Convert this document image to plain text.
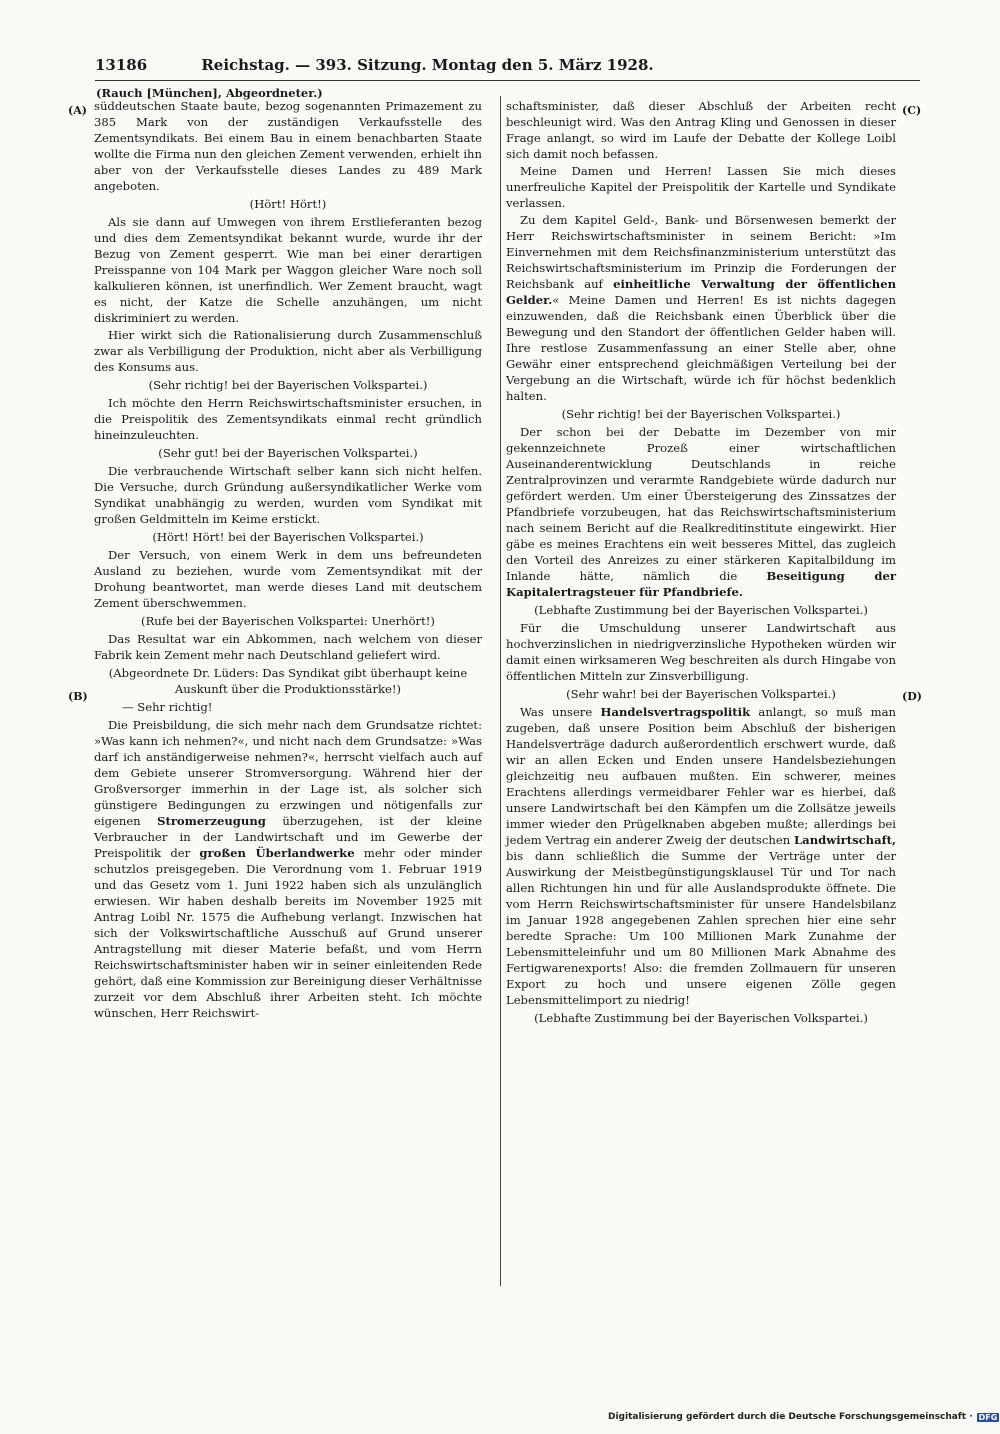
13186	Reichstag. — 393. Sitzung. Montag den 5. März 1928.
(Rauch [München], Abgeordneter.)
(A)
(B)
(C)
(D)

süddeutschen Staate baute, bezog sogenannten Primazement zu 385 Mark von der zuständigen Verkaufsstelle des Zementsyndikats. Bei einem Bau in einem benachbarten Staate wollte die Firma nun den gleichen Zement verwenden, erhielt ihn aber von der Verkaufsstelle dieses Landes zu 489 Mark angeboten.

(Hört! Hört!)

Als sie dann auf Umwegen von ihrem Erstlieferanten bezog und dies dem Zementsyndikat bekannt wurde, wurde ihr der Bezug von Zement gesperrt. Wie man bei einer derartigen Preisspanne von 104 Mark per Waggon gleicher Ware noch soll kalkulieren können, ist unerfindlich. Wer Zement braucht, wagt es nicht, der Katze die Schelle anzuhängen, um nicht diskriminiert zu werden.

Hier wirkt sich die Rationalisierung durch Zusammenschluß zwar als Verbilligung der Produktion, nicht aber als Verbilligung des Konsums aus.

(Sehr richtig! bei der Bayerischen Volkspartei.)

Ich möchte den Herrn Reichswirtschaftsminister ersuchen, in die Preispolitik des Zementsyndikats einmal recht gründlich hineinzuleuchten.

(Sehr gut! bei der Bayerischen Volkspartei.)

Die verbrauchende Wirtschaft selber kann sich nicht helfen. Die Versuche, durch Gründung außersyndikatlicher Werke vom Syndikat unabhängig zu werden, wurden vom Syndikat mit großen Geldmitteln im Keime erstickt.

(Hört! Hört! bei der Bayerischen Volkspartei.)

Der Versuch, von einem Werk in dem uns befreundeten Ausland zu beziehen, wurde vom Zementsyndikat mit der Drohung beantwortet, man werde dieses Land mit deutschem Zement überschwemmen.

(Rufe bei der Bayerischen Volkspartei: Unerhört!)

Das Resultat war ein Abkommen, nach welchem von dieser Fabrik kein Zement mehr nach Deutschland geliefert wird.

(Abgeordnete Dr. Lüders: Das Syndikat gibt überhaupt keine Auskunft über die Produktionsstärke!)

— Sehr richtig!

Die Preisbildung, die sich mehr nach dem Grundsatze richtet: »Was kann ich nehmen?«, und nicht nach dem Grundsatze: »Was darf ich anständigerweise nehmen?«, herrscht vielfach auch auf dem Gebiete unserer Stromversorgung. Während hier der Großversorger immerhin in der Lage ist, als solcher sich günstigere Bedingungen zu erzwingen und nötigenfalls zur eigenen Stromerzeugung überzugehen, ist der kleine Verbraucher in der Landwirtschaft und im Gewerbe der Preispolitik der großen Überlandwerke mehr oder minder schutzlos preisgegeben. Die Verordnung vom 1. Februar 1919 und das Gesetz vom 1. Juni 1922 haben sich als unzulänglich erwiesen. Wir haben deshalb bereits im November 1925 mit Antrag Loibl Nr. 1575 die Aufhebung verlangt. Inzwischen hat sich der Volkswirtschaftliche Ausschuß auf Grund unserer Antragstellung mit dieser Materie befaßt, und vom Herrn Reichswirtschaftsminister haben wir in seiner einleitenden Rede gehört, daß eine Kommission zur Bereinigung dieser Verhältnisse zurzeit vor dem Abschluß ihrer Arbeiten steht. Ich möchte wünschen, Herr Reichswirt-

schaftsminister, daß dieser Abschluß der Arbeiten recht beschleunigt wird. Was den Antrag Kling und Genossen in dieser Frage anlangt, so wird im Laufe der Debatte der Kollege Loibl sich damit noch befassen.

Meine Damen und Herren! Lassen Sie mich dieses unerfreuliche Kapitel der Preispolitik der Kartelle und Syndikate verlassen.

Zu dem Kapitel Geld-, Bank- und Börsenwesen bemerkt der Herr Reichswirtschaftsminister in seinem Bericht: »Im Einvernehmen mit dem Reichsfinanzministerium unterstützt das Reichswirtschaftsministerium im Prinzip die Forderungen der Reichsbank auf einheitliche Verwaltung der öffentlichen Gelder.« Meine Damen und Herren! Es ist nichts dagegen einzuwenden, daß die Reichsbank einen Überblick über die Bewegung und den Standort der öffentlichen Gelder haben will. Ihre restlose Zusammenfassung an einer Stelle aber, ohne Gewähr einer entsprechend gleichmäßigen Verteilung bei der Vergebung an die Wirtschaft, würde ich für höchst bedenklich halten.

(Sehr richtig! bei der Bayerischen Volkspartei.)

Der schon bei der Debatte im Dezember von mir gekennzeichnete Prozeß einer wirtschaftlichen Auseinanderentwicklung Deutschlands in reiche Zentralprovinzen und verarmte Randgebiete würde dadurch nur gefördert werden. Um einer Übersteigerung des Zinssatzes der Pfandbriefe vorzubeugen, hat das Reichswirtschaftsministerium nach seinem Bericht auf die Realkreditinstitute eingewirkt. Hier gäbe es meines Erachtens ein weit besseres Mittel, das zugleich den Vorteil des Anreizes zu einer stärkeren Kapitalbildung im Inlande hätte, nämlich die	Beseitigung der Kapitalertragsteuer für Pfandbriefe.

(Lebhafte Zustimmung bei der Bayerischen Volkspartei.)

Für die Umschuldung unserer Landwirtschaft aus hochverzinslichen in niedrigverzinsliche Hypotheken würden wir damit einen wirksameren Weg beschreiten als durch Hingabe von öffentlichen Mitteln zur Zinsverbilligung.

(Sehr wahr! bei der Bayerischen Volkspartei.)

Was unsere Handelsvertragspolitik anlangt, so muß man zugeben, daß unsere Position beim Abschluß der bisherigen Handelsverträge dadurch außerordentlich erschwert wurde, daß wir an allen Ecken und Enden unsere Handelsbeziehungen gleichzeitig neu aufbauen mußten. Ein schwerer, meines Erachtens allerdings vermeidbarer Fehler war es hierbei, daß unsere Landwirtschaft bei den Kämpfen um die Zollsätze jeweils immer wieder den Prügelknaben abgeben mußte; allerdings bei jedem Vertrag ein anderer Zweig der deutschen Landwirtschaft, bis dann schließlich die Summe der Verträge unter der Auswirkung der Meistbegünstigungsklausel Tür und Tor nach allen Richtungen hin und für alle Auslandsprodukte öffnete. Die vom Herrn Reichswirtschaftsminister für unsere Handelsbilanz im Januar 1928 angegebenen Zahlen sprechen hier eine sehr beredte Sprache: Um 100 Millionen Mark Zunahme der Lebensmitteleinfuhr und um 80 Millionen Mark Abnahme des Fertigwarenexports! Also: die fremden Zollmauern für unseren Export zu hoch und unsere eigenen Zölle gegen Lebensmittelimport zu niedrig!

(Lebhafte Zustimmung bei der Bayerischen Volkspartei.)

Digitalisierung gefördert durch die Deutsche Forschungsgemeinschaft · DFG
